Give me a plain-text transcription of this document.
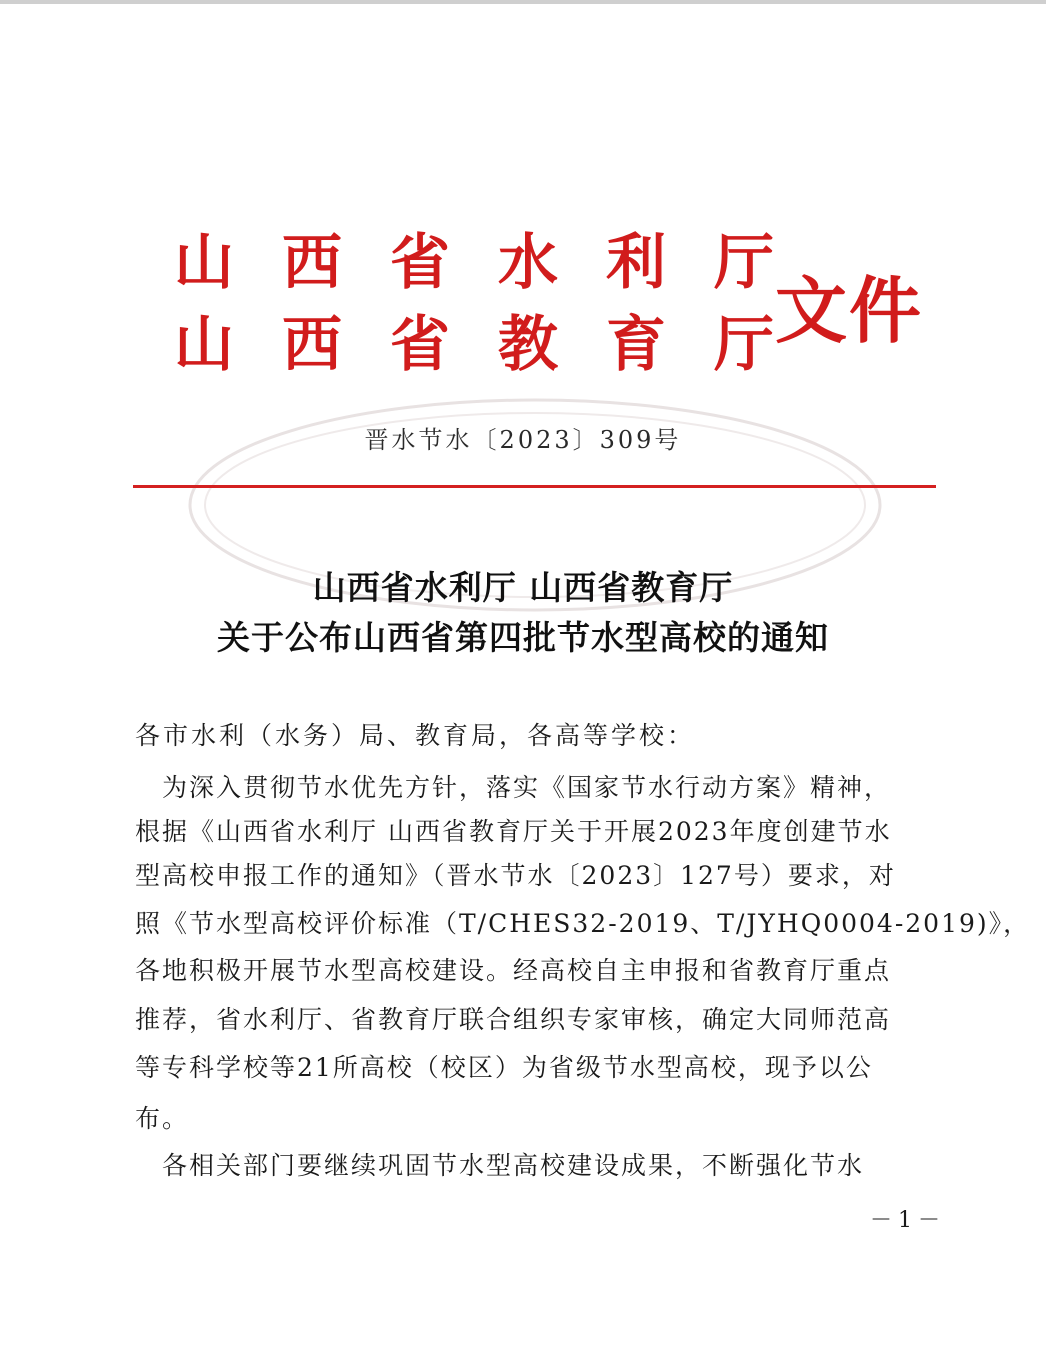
山 西 省 水 利 厅
山 西 省 教 育 厅 文件
晋水节水〔2023〕309号
山西省水利厅 山西省教育厅
关于公布山西省第四批节水型高校的通知
各市水利（水务）局、教育局，各高等学校：
　为深入贯彻节水优先方针，落实《国家节水行动方案》精神，
根据《山西省水利厅 山西省教育厅关于开展2023年度创建节水
型高校申报工作的通知》（晋水节水〔2023〕127号）要求，对
照《节水型高校评价标准（T/CHES32-2019、T/JYHQ0004-2019)》，
各地积极开展节水型高校建设。经高校自主申报和省教育厅重点
推荐，省水利厅、省教育厅联合组织专家审核，确定大同师范高
等专科学校等21所高校（校区）为省级节水型高校，现予以公
布。
　各相关部门要继续巩固节水型高校建设成果，不断强化节水
－1－
